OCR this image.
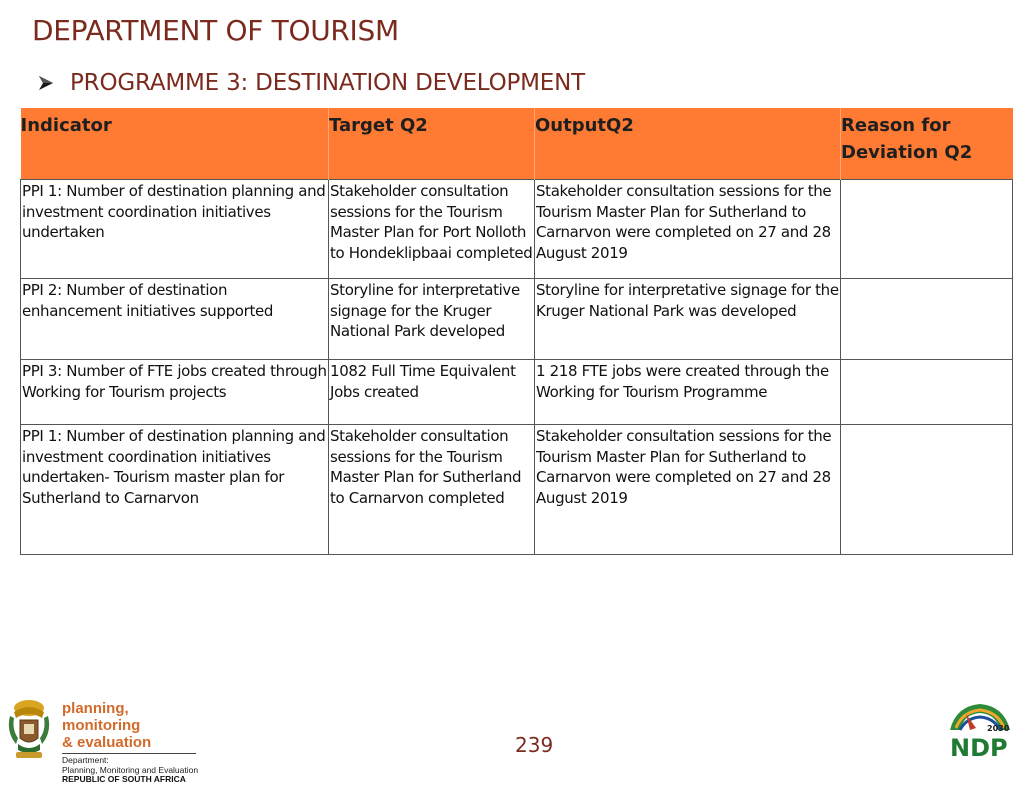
DEPARTMENT OF TOURISM
PROGRAMME 3: DESTINATION DEVELOPMENT
Indicator	Target Q2	OutputQ2	Reason for Deviation Q2
PPI 1: Number of destination planning and investment coordination initiatives undertaken	Stakeholder consultation sessions for the Tourism Master Plan for Port Nolloth to Hondeklipbaai completed	Stakeholder consultation sessions for the Tourism Master Plan for Sutherland to Carnarvon were completed on 27 and 28 August 2019	
PPI 2: Number of destination enhancement initiatives supported	Storyline for interpretative signage for the Kruger National Park developed	Storyline for interpretative signage for the Kruger National Park was developed	
PPI 3: Number of FTE jobs created through Working for Tourism projects	1082 Full Time Equivalent Jobs created	1 218 FTE jobs were created through the Working for Tourism Programme	
PPI 1: Number of destination planning and investment coordination initiatives undertaken- Tourism master plan for Sutherland to Carnarvon	Stakeholder consultation sessions for the Tourism Master Plan for Sutherland to Carnarvon completed	Stakeholder consultation sessions for the Tourism Master Plan for Sutherland to Carnarvon were completed on 27 and 28 August 2019	
planning, monitoring
& evaluation
Department:
Planning, Monitoring and Evaluation
REPUBLIC OF SOUTH AFRICA
239
2030
NDP
